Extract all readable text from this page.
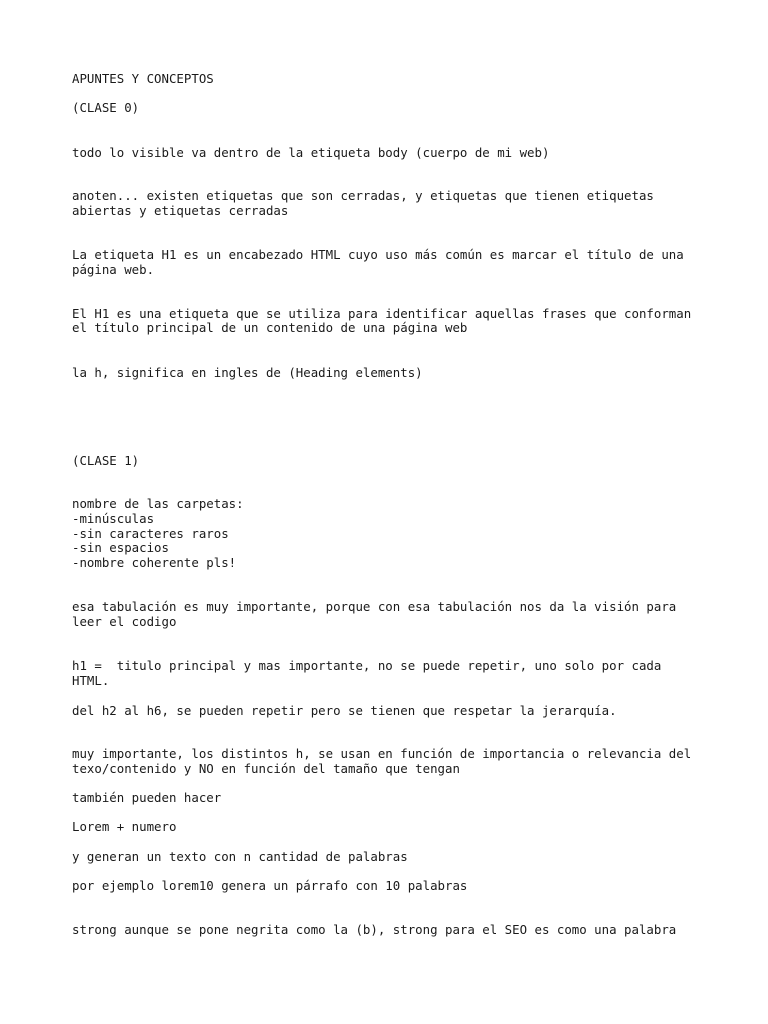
APUNTES Y CONCEPTOS
(CLASE 0)
todo lo visible va dentro de la etiqueta body (cuerpo de mi web)
anoten... existen etiquetas que son cerradas, y etiquetas que tienen etiquetas
abiertas y etiquetas cerradas
La etiqueta H1 es un encabezado HTML cuyo uso más común es marcar el título de una
página web.
El H1 es una etiqueta que se utiliza para identificar aquellas frases que conforman
el título principal de un contenido de una página web
la h, significa en ingles de (Heading elements)
(CLASE 1)
nombre de las carpetas:
-minúsculas
-sin caracteres raros
-sin espacios
-nombre coherente pls!
esa tabulación es muy importante, porque con esa tabulación nos da la visión para
leer el codigo
h1 =  titulo principal y mas importante, no se puede repetir, uno solo por cada
HTML.
del h2 al h6, se pueden repetir pero se tienen que respetar la jerarquía.
muy importante, los distintos h, se usan en función de importancia o relevancia del
texo/contenido y NO en función del tamaño que tengan
también pueden hacer
Lorem + numero
y generan un texto con n cantidad de palabras
por ejemplo lorem10 genera un párrafo con 10 palabras
strong aunque se pone negrita como la (b), strong para el SEO es como una palabra
